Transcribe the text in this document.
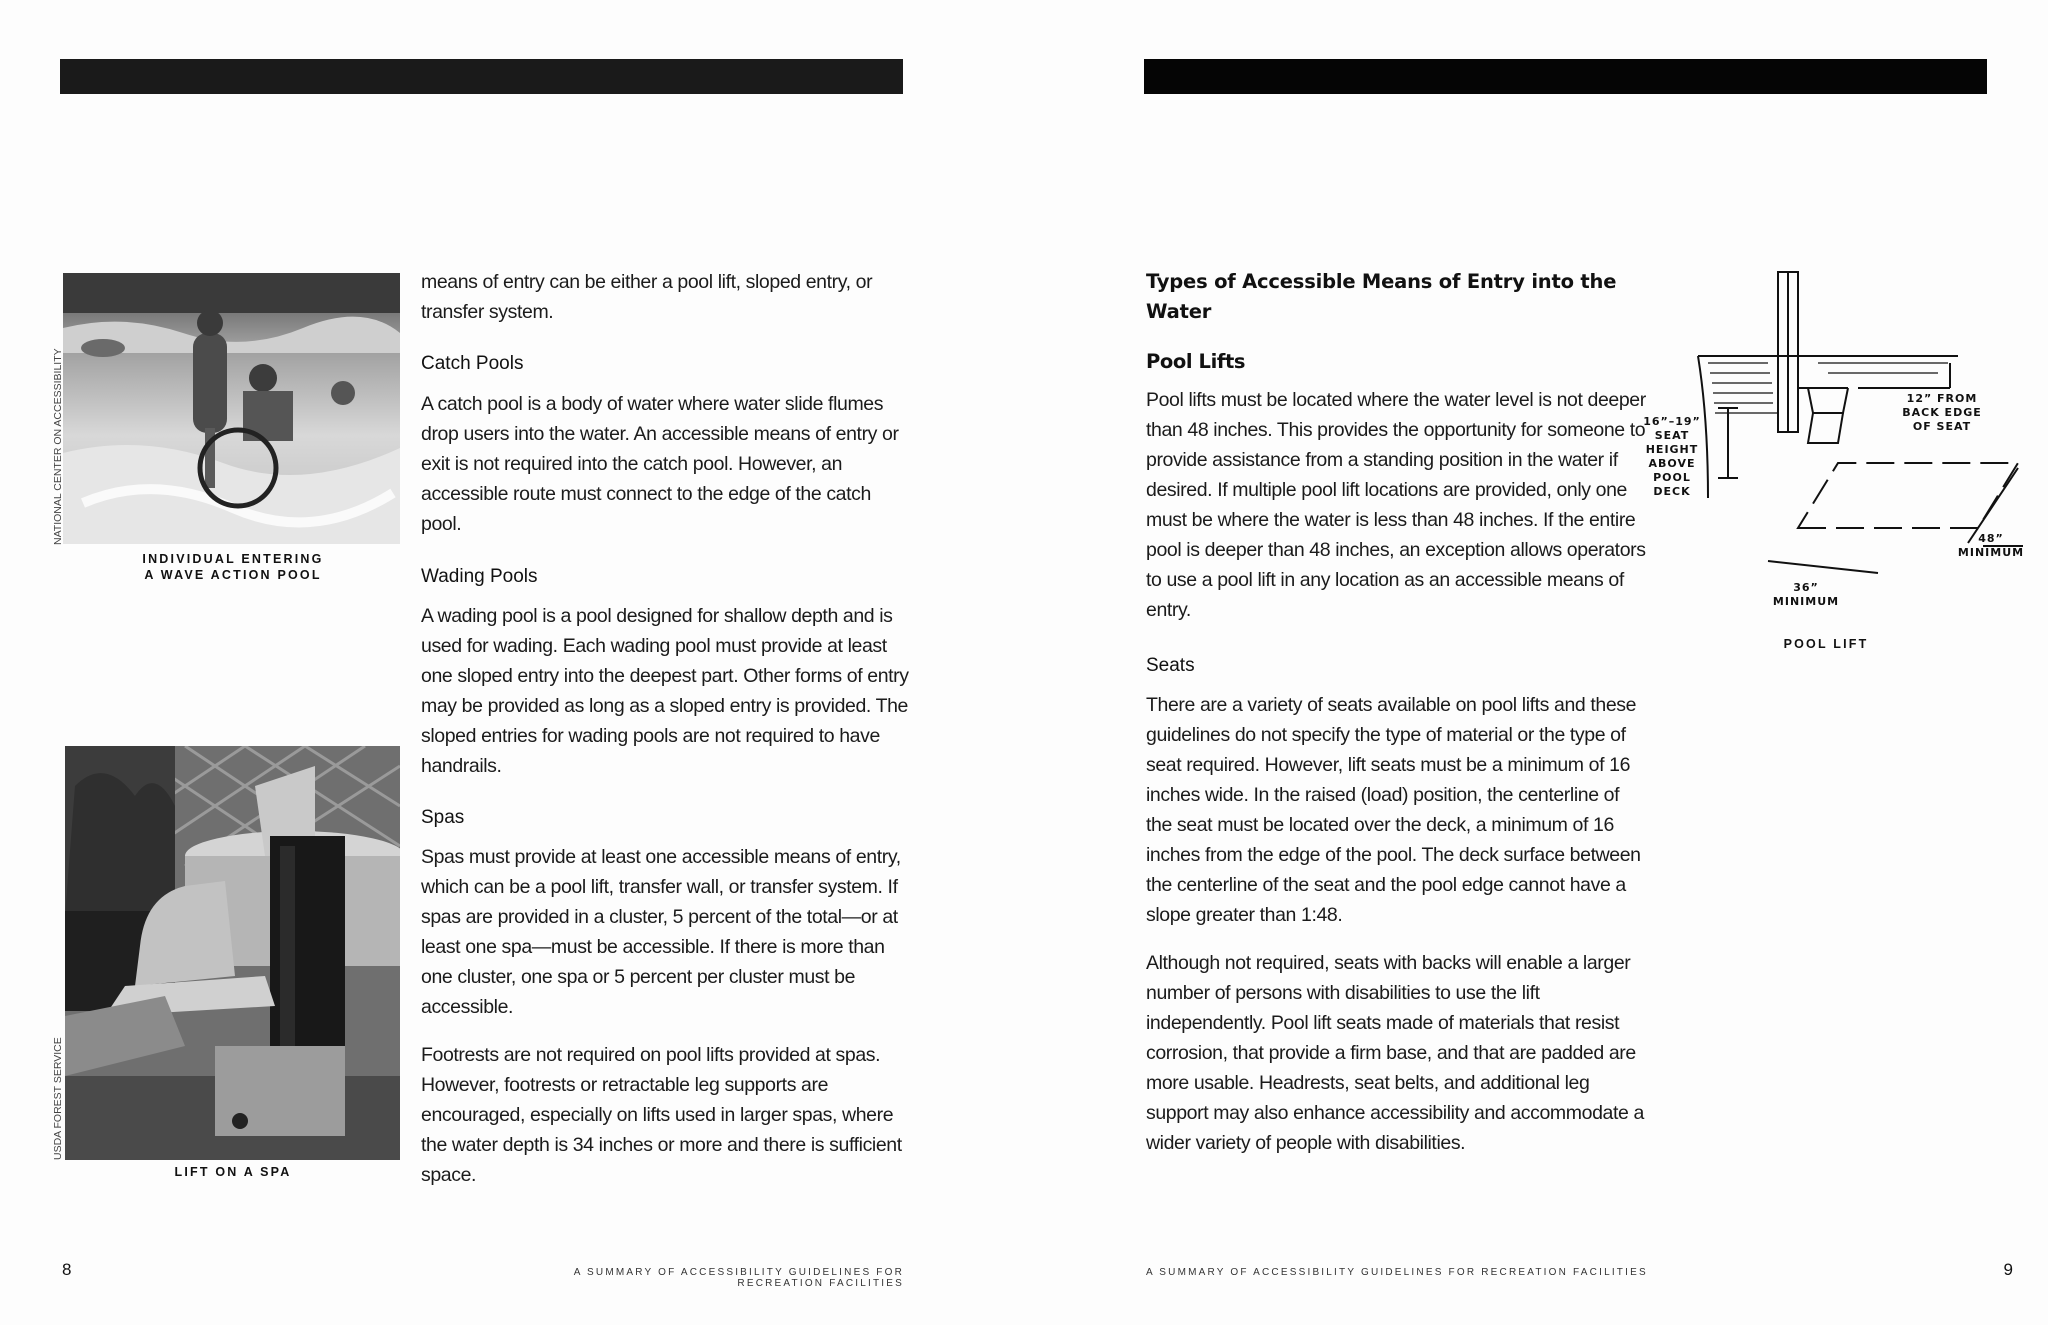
NATIONAL CENTER ON ACCESSIBILITY
INDIVIDUAL ENTERING
A WAVE ACTION POOL
USDA FOREST SERVICE
LIFT ON A SPA

means of entry can be either a pool lift, sloped entry, or transfer system.

Catch Pools

A catch pool is a body of water where water slide flumes drop users into the water. An accessible means of entry or exit is not required into the catch pool. However, an accessible route must connect to the edge of the catch pool.

Wading Pools

A wading pool is a pool designed for shallow depth and is used for wading. Each wading pool must provide at least one sloped entry into the deepest part. Other forms of entry may be provided as long as a sloped entry is provided. The sloped entries for wading pools are not required to have handrails.

Spas

Spas must provide at least one accessible means of entry, which can be a pool lift, transfer wall, or transfer system. If spas are provided in a cluster, 5 percent of the total—or at least one spa—must be accessible. If there is more than one cluster, one spa or 5 percent per cluster must be accessible.

Footrests are not required on pool lifts provided at spas. However, footrests or retractable leg supports are encouraged, especially on lifts used in larger spas, where the water depth is 34 inches or more and there is sufficient space.

8	A SUMMARY OF ACCESSIBILITY GUIDELINES FOR RECREATION FACILITIES
Types of Accessible Means of Entry into the Water
Pool Lifts

Pool lifts must be located where the water level is not deeper than 48 inches. This provides the opportunity for someone to provide assistance from a standing position in the water if desired. If multiple pool lift locations are provided, only one must be where the water is less than 48 inches. If the entire pool is deeper than 48 inches, an exception allows operators to use a pool lift in any location as an accessible means of entry.

Seats

There are a variety of seats available on pool lifts and these guidelines do not specify the type of material or the type of seat required. However, lift seats must be a minimum of 16 inches wide. In the raised (load) position, the centerline of the seat must be located over the deck, a minimum of 16 inches from the edge of the pool. The deck surface between the centerline of the seat and the pool edge cannot have a slope greater than 1:48.

Although not required, seats with backs will enable a larger number of persons with disabilities to use the lift independently. Pool lift seats made of materials that resist corrosion, that provide a firm base, and that are padded are more usable. Headrests, seat belts, and additional leg support may also enhance accessibility and accommodate a wider variety of people with disabilities.

16”–19”
SEAT
HEIGHT
ABOVE
POOL
DECK
12” FROM
BACK EDGE
OF SEAT
48”
MINIMUM
36”
MINIMUM
POOL LIFT
A SUMMARY OF ACCESSIBILITY GUIDELINES FOR RECREATION FACILITIES	9
